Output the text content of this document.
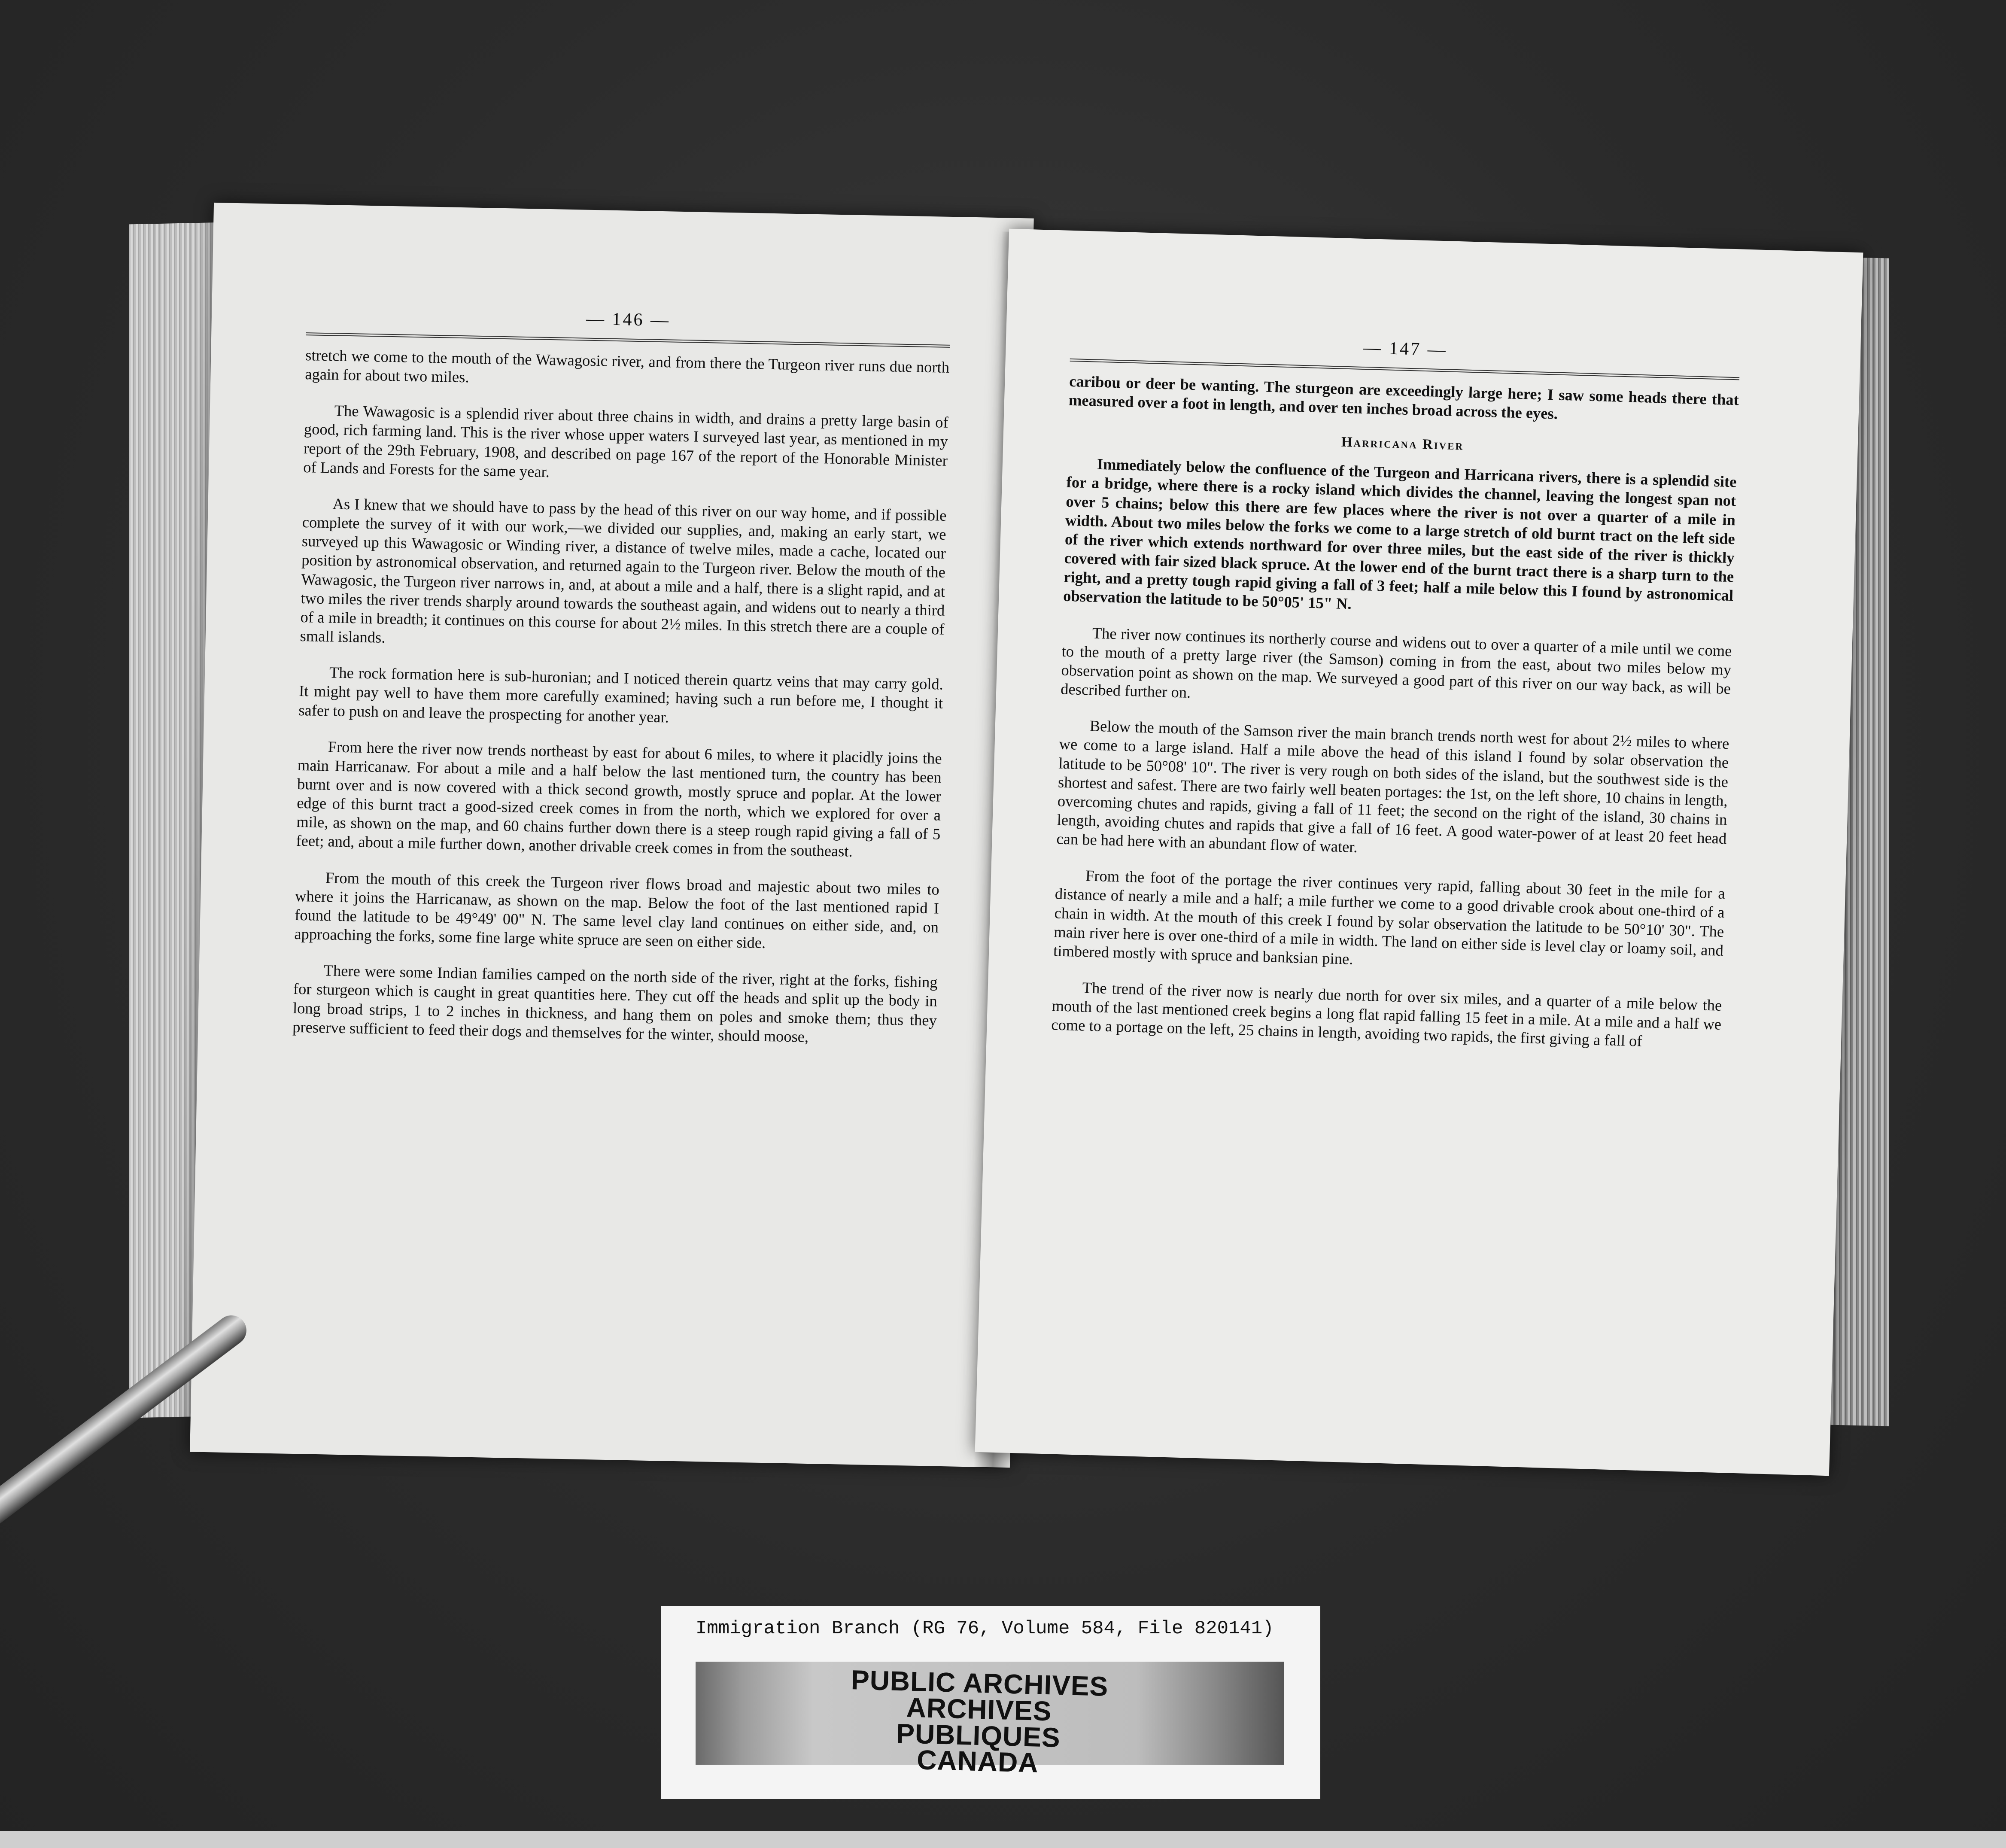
— 146 —

stretch we come to the mouth of the Wawagosic river, and from there the Turgeon river runs due north again for about two miles.

The Wawagosic is a splendid river about three chains in width, and drains a pretty large basin of good, rich farming land. This is the river whose upper waters I surveyed last year, as mentioned in my report of the 29th February, 1908, and described on page 167 of the report of the Honorable Minister of Lands and Forests for the same year.

As I knew that we should have to pass by the head of this river on our way home, and if possible complete the survey of it with our work,—we divided our supplies, and, making an early start, we surveyed up this Wawagosic or Winding river, a distance of twelve miles, made a cache, located our position by astronomical observation, and returned again to the Turgeon river. Below the mouth of the Wawagosic, the Turgeon river narrows in, and, at about a mile and a half, there is a slight rapid, and at two miles the river trends sharply around towards the southeast again, and widens out to nearly a third of a mile in breadth; it continues on this course for about 2½ miles. In this stretch there are a couple of small islands.

The rock formation here is sub-huronian; and I noticed therein quartz veins that may carry gold. It might pay well to have them more carefully examined; having such a run before me, I thought it safer to push on and leave the prospecting for another year.

From here the river now trends northeast by east for about 6 miles, to where it placidly joins the main Harricanaw. For about a mile and a half below the last mentioned turn, the country has been burnt over and is now covered with a thick second growth, mostly spruce and poplar. At the lower edge of this burnt tract a good-sized creek comes in from the north, which we explored for over a mile, as shown on the map, and 60 chains further down there is a steep rough rapid giving a fall of 5 feet; and, about a mile further down, another drivable creek comes in from the southeast.

From the mouth of this creek the Turgeon river flows broad and majestic about two miles to where it joins the Harricanaw, as shown on the map. Below the foot of the last mentioned rapid I found the latitude to be 49°49' 00" N. The same level clay land continues on either side, and, on approaching the forks, some fine large white spruce are seen on either side.

There were some Indian families camped on the north side of the river, right at the forks, fishing for sturgeon which is caught in great quantities here. They cut off the heads and split up the body in long broad strips, 1 to 2 inches in thickness, and hang them on poles and smoke them; thus they preserve sufficient to feed their dogs and themselves for the winter, should moose,

— 147 —

caribou or deer be wanting. The sturgeon are exceedingly large here; I saw some heads there that measured over a foot in length, and over ten inches broad across the eyes.

Harricana River

Immediately below the confluence of the Turgeon and Harricana rivers, there is a splendid site for a bridge, where there is a rocky island which divides the channel, leaving the longest span not over 5 chains; below this there are few places where the river is not over a quarter of a mile in width. About two miles below the forks we come to a large stretch of old burnt tract on the left side of the river which extends northward for over three miles, but the east side of the river is thickly covered with fair sized black spruce. At the lower end of the burnt tract there is a sharp turn to the right, and a pretty tough rapid giving a fall of 3 feet; half a mile below this I found by astronomical observation the latitude to be 50°05' 15" N.

The river now continues its northerly course and widens out to over a quarter of a mile until we come to the mouth of a pretty large river (the Samson) coming in from the east, about two miles below my observation point as shown on the map. We surveyed a good part of this river on our way back, as will be described further on.

Below the mouth of the Samson river the main branch trends north west for about 2½ miles to where we come to a large island. Half a mile above the head of this island I found by solar observation the latitude to be 50°08' 10". The river is very rough on both sides of the island, but the southwest side is the shortest and safest. There are two fairly well beaten portages: the 1st, on the left shore, 10 chains in length, overcoming chutes and rapids, giving a fall of 11 feet; the second on the right of the island, 30 chains in length, avoiding chutes and rapids that give a fall of 16 feet. A good water-power of at least 20 feet head can be had here with an abundant flow of water.

From the foot of the portage the river continues very rapid, falling about 30 feet in the mile for a distance of nearly a mile and a half; a mile further we come to a good drivable crook about one-third of a chain in width. At the mouth of this creek I found by solar observation the latitude to be 50°10' 30". The main river here is over one-third of a mile in width. The land on either side is level clay or loamy soil, and timbered mostly with spruce and banksian pine.

The trend of the river now is nearly due north for over six miles, and a quarter of a mile below the mouth of the last mentioned creek begins a long flat rapid falling 15 feet in a mile. At a mile and a half we come to a portage on the left, 25 chains in length, avoiding two rapids, the first giving a fall of

Immigration Branch (RG 76, Volume 584, File 820141)
PUBLIC ARCHIVES
ARCHIVES PUBLIQUES
CANADA
